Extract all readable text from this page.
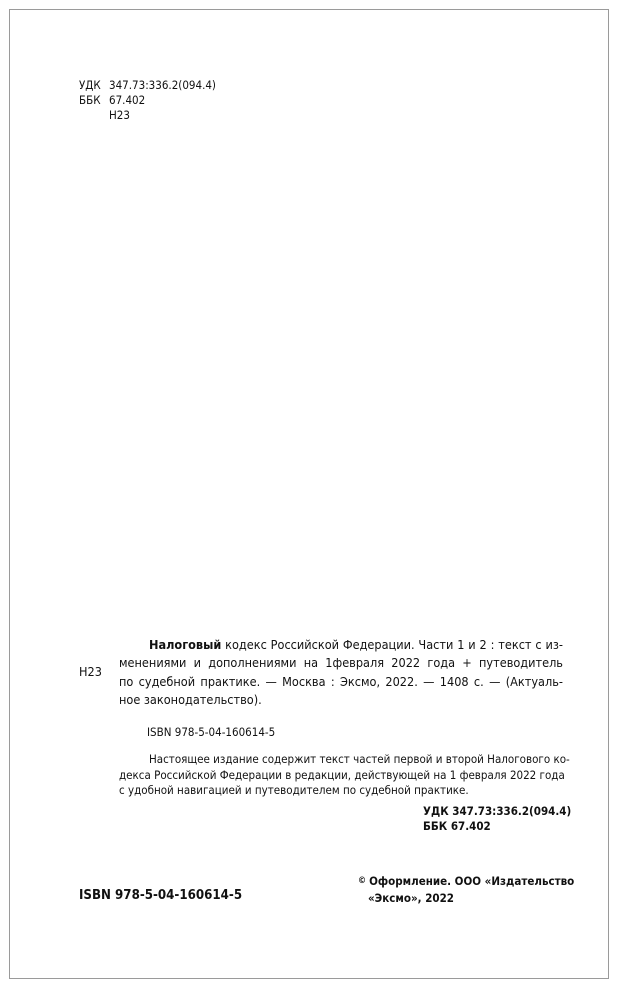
УДК 347.73:336.2(094.4)
ББК 67.402
Н23
Н23
Налоговый кодекс Российской Федерации. Части 1 и 2 : текст с из-
менениями и дополнениями на 1февраля 2022 года + путеводитель
по судебной практике. — Москва : Эксмо, 2022. — 1408 с. — (Актуаль-
ное законодательство).
ISBN 978-5-04-160614-5
Настоящее издание содержит текст частей первой и второй Налогового ко-
декса Российской Федерации в редакции, действующей на 1 февраля 2022 года
с удобной навигацией и путеводителем по судебной практике.
УДК 347.73:336.2(094.4)
ББК 67.402
ISBN 978-5-04-160614-5
© Оформление. ООО «Издательство
«Эксмо», 2022
